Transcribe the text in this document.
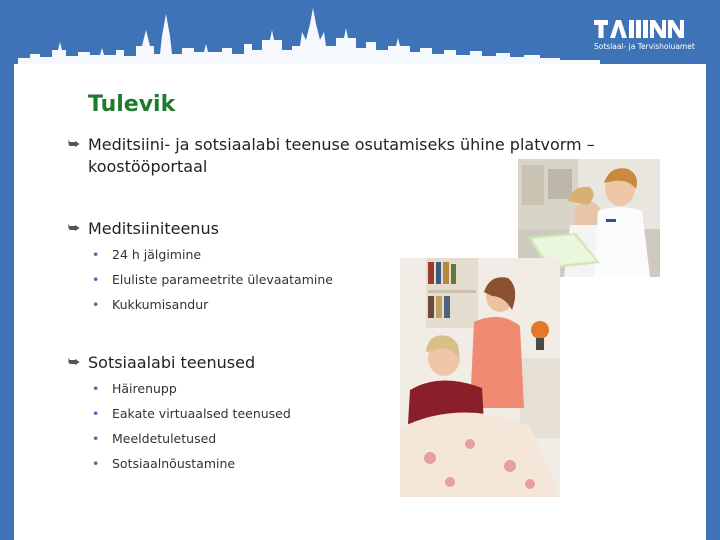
Sotsiaal- ja Tervishoiuamet
Tulevik
⮩ Meditsiini- ja sotsiaalabi teenuse osutamiseks ühine platvorm – koostööportaal
⮩ Meditsiiniteenus
•	24 h jälgimine
•	Eluliste parameetrite ülevaatamine
•	Kukkumisandur
⮩ Sotsiaalabi teenused
•	Häirenupp
•	Eakate virtuaalsed teenused
•	Meeldetuletused
•	Sotsiaalnõustamine
